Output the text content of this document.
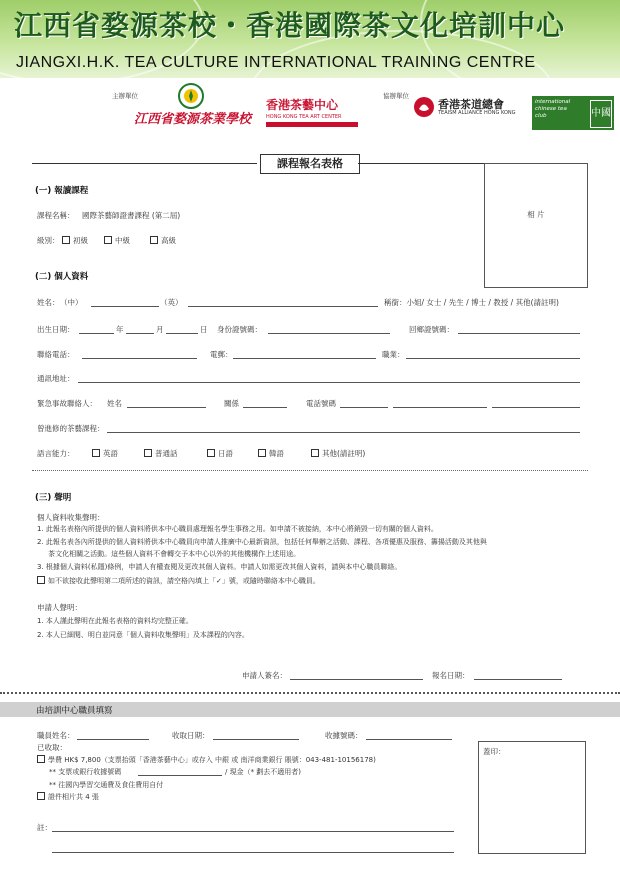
江西省婺源茶校・香港國際茶文化培訓中心
JIANGXI.H.K. TEA CULTURE INTERNATIONAL TRAINING CENTRE
主辦單位
江西省婺源茶業學校
香港茶藝中心
HONG KONG TEA ART CENTER
協辦單位
香港茶道總會
TEAISM ALLIANCE HONG KONG
international chinese tea club	中國
課程報名表格
相 片
(一) 報讀課程
課程名稱： 國際茶藝師證書課程 (第二屆)
級別：	初級	中級	高級
(二) 個人資料
姓名： （中）	（英）	稱銜：小姐/ 女士 / 先生 / 博士 / 教授 / 其他(請註明)
出生日期：	年	月	日 身份證號碼：	回鄉證號碼：
聯絡電話：	電郵：	職業：
通訊地址：
緊急事故聯絡人： 姓名	關係	電話號碼
曾進修的茶藝課程：
語言能力：	英語	普通話	日語	韓語	其他(請註明)
(三) 聲明
個人資料收集聲明：
1. 此報名表格內所提供的個人資料將供本中心職員處理報名學生事務之用。如申請不被接納，本中心將銷毀一切有關的個人資料。
2. 此報名表各內所提供的個人資料將供本中心職員向申請人推廣中心最新資訊，包括任何舉辦之活動、課程、各項優惠及服務、籌揚活動及其他與
茶文化相關之活動。這些個人資料不會轉交予本中心以外的其他機構作上述用途。
3. 根據個人資料(私隱)條例，申請人有權查閱及更改其個人資料。申請人如需更改其個人資料，請與本中心職員聯絡。
如不欲接收此聲明第二項所述的資訊，請空格內填上「✓」號，或隨時聯絡本中心職員。
申請人聲明：
1. 本人謹此聲明在此報名表格的資料均完整正確。
2. 本人已細閱、明白並同意「個人資料收集聲明」及本課程的內容。
申請人簽名：	報名日期：
由培訓中心職員填寫
職員姓名：	收取日期：	收據號碼：
已收取：
學費 HK$ 7,800（支票抬頭「香港茶藝中心」或存入 中銀 或 南洋商業銀行 賬號：043-481-10156178)
** 支票或銀行收據號碼	/ 現金（* 劃去不適用者)
** 往國內學習交通費及食住費用自付
證件相片共 4 張
蓋印：
註：
